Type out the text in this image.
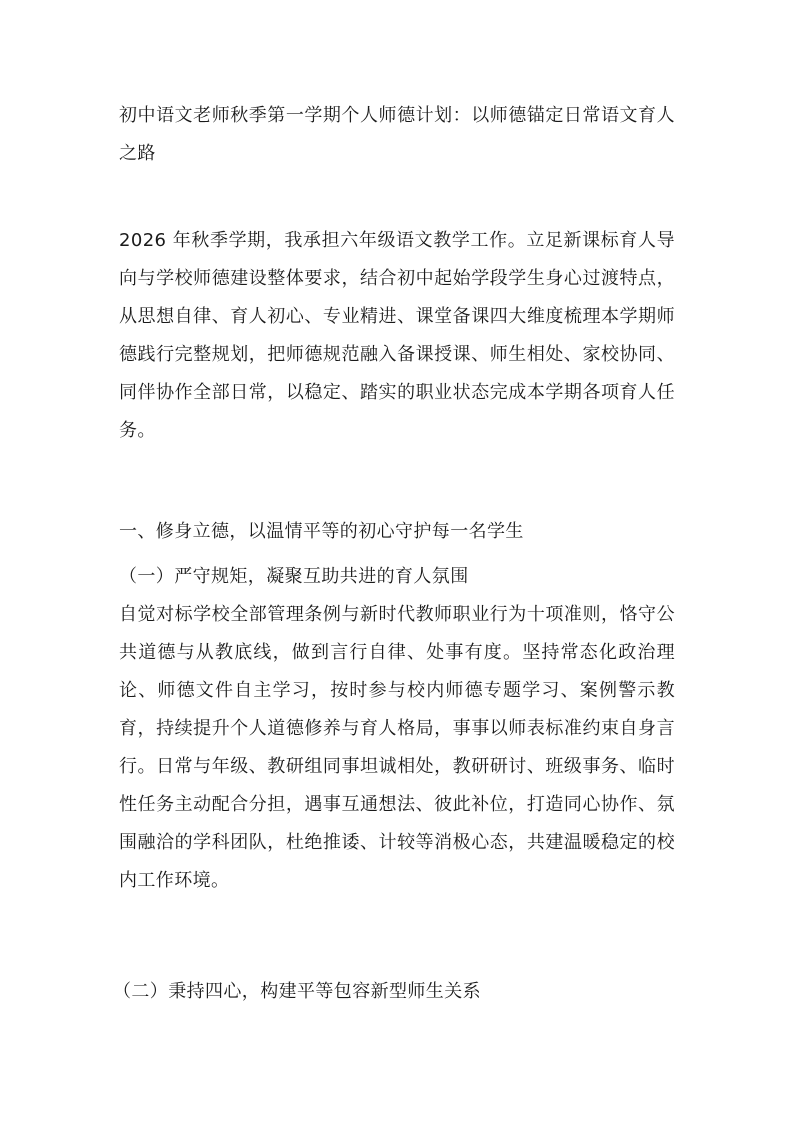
初中语文老师秋季第一学期个人师德计划：以师德锚定日常语文育人之路

2026 年秋季学期，我承担六年级语文教学工作。立足新课标育人导向与学校师德建设整体要求，结合初中起始学段学生身心过渡特点，从思想自律、育人初心、专业精进、课堂备课四大维度梳理本学期师德践行完整规划，把师德规范融入备课授课、师生相处、家校协同、同伴协作全部日常，以稳定、踏实的职业状态完成本学期各项育人任务。

一、修身立德，以温情平等的初心守护每一名学生

（一）严守规矩，凝聚互助共进的育人氛围

自觉对标学校全部管理条例与新时代教师职业行为十项准则，恪守公共道德与从教底线，做到言行自律、处事有度。坚持常态化政治理论、师德文件自主学习，按时参与校内师德专题学习、案例警示教育，持续提升个人道德修养与育人格局，事事以师表标准约束自身言行。日常与年级、教研组同事坦诚相处，教研研讨、班级事务、临时性任务主动配合分担，遇事互通想法、彼此补位，打造同心协作、氛围融洽的学科团队，杜绝推诿、计较等消极心态，共建温暖稳定的校内工作环境。

（二）秉持四心，构建平等包容新型师生关系
